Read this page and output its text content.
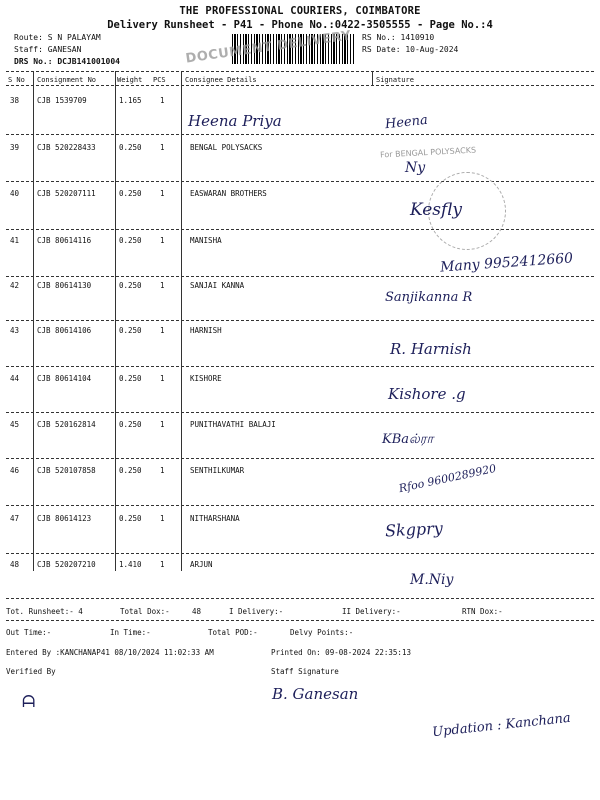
THE PROFESSIONAL COURIERS, COIMBATORE
Delivery Runsheet - P41 - Phone No.:0422-3505555 - Page No.:4
Route: S N PALAYAM
Staff: GANESAN
DRS No.: DCJB141001004	DOCUMENT DELIVERY RS No.: 1410910
RS Date: 10-Aug-2024
S No Consignment No	Weight PCS	Consignee Details	Signature
38 CJB 1539709	1.165 1
Heena Priya	Heena
39 CJB 520228433	0.250 1	BENGAL POLYSACKS	For BENGAL POLYSACKS
Ny
40 CJB 520207111	0.250 1	EASWARAN BROTHERS
Kesfly
41 CJB 80614116	0.250 1	MANISHA
Many 9952412660
42 CJB 80614130	0.250 1	SANJAI KANNA
Sanjikanna R
43 CJB 80614106	0.250 1	HARNISH
R. Harnish
44 CJB 80614104	0.250 1	KISHORE
Kishore .g
45 CJB 520162814	0.250 1	PUNITHAVATHI BALAJI
KBaல்ரா
46 CJB 520107858	0.250 1	SENTHILKUMAR	Rfoo 9600289920
47 CJB 80614123	0.250 1	NITHARSHANA	Skgpry
48 CJB 520207210	1.410 1	ARJUN
M.Niy
Tot. Runsheet:- 4	Total Dox:-	48	I Delivery:-	II Delivery:-	RTN Dox:-
Out Time:-	In Time:-	Total POD:-	Delvy Points:-
Entered By :KANCHANAP41 08/10/2024 11:02:33 AM	Printed On: 09-08-2024 22:35:13
Verified By	Staff Signature
ᗩ	B. Ganesan
Updation : Kanchana
